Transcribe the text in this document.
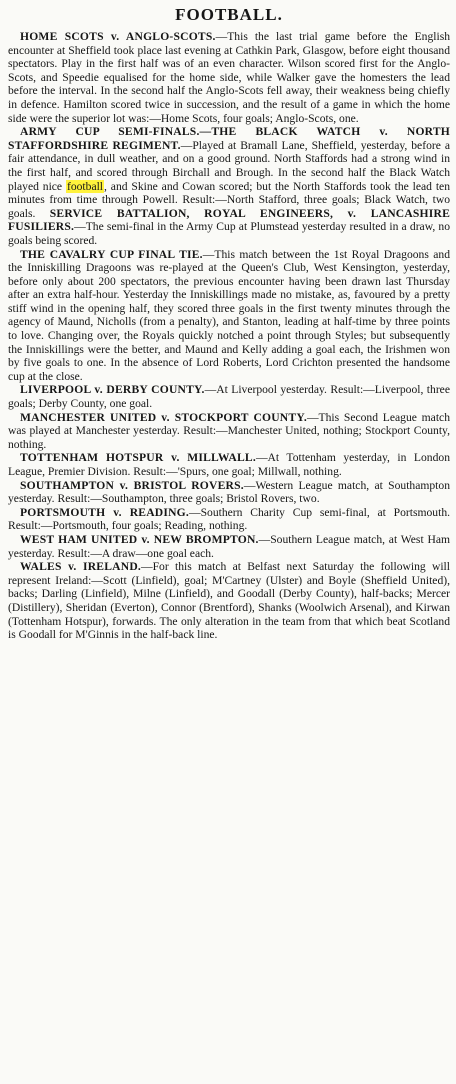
FOOTBALL.

HOME SCOTS v. ANGLO-SCOTS.—This the last trial game before the English encounter at Sheffield took place last evening at Cathkin Park, Glasgow, before eight thousand spectators. Play in the first half was of an even character. Wilson scored first for the Anglo-Scots, and Speedie equalised for the home side, while Walker gave the homesters the lead before the interval. In the second half the Anglo-Scots fell away, their weakness being chiefly in defence. Hamilton scored twice in succession, and the result of a game in which the home side were the superior lot was:—Home Scots, four goals; Anglo-Scots, one.

ARMY CUP SEMI-FINALS.—THE BLACK WATCH v. NORTH STAFFORDSHIRE REGIMENT.—Played at Bramall Lane, Sheffield, yesterday, before a fair attendance, in dull weather, and on a good ground. North Staffords had a strong wind in the first half, and scored through Birchall and Brough. In the second half the Black Watch played nice football, and Skine and Cowan scored; but the North Staffords took the lead ten minutes from time through Powell. Result:—North Stafford, three goals; Black Watch, two goals. SERVICE BATTALION, ROYAL ENGINEERS, v. LANCASHIRE FUSILIERS.—The semi-final in the Army Cup at Plumstead yesterday resulted in a draw, no goals being scored.

THE CAVALRY CUP FINAL TIE.—This match between the 1st Royal Dragoons and the Inniskilling Dragoons was re-played at the Queen's Club, West Kensington, yesterday, before only about 200 spectators, the previous encounter having been drawn last Thursday after an extra half-hour. Yesterday the Inniskillings made no mistake, as, favoured by a pretty stiff wind in the opening half, they scored three goals in the first twenty minutes through the agency of Maund, Nicholls (from a penalty), and Stanton, leading at half-time by three points to love. Changing over, the Royals quickly notched a point through Styles; but subsequently the Inniskillings were the better, and Maund and Kelly adding a goal each, the Irishmen won by five goals to one. In the absence of Lord Roberts, Lord Crichton presented the handsome cup at the close.

LIVERPOOL v. DERBY COUNTY.—At Liverpool yesterday. Result:—Liverpool, three goals; Derby County, one goal.

MANCHESTER UNITED v. STOCKPORT COUNTY.—This Second League match was played at Manchester yesterday. Result:—Manchester United, nothing; Stockport County, nothing.

TOTTENHAM HOTSPUR v. MILLWALL.—At Tottenham yesterday, in London League, Premier Division. Result:—'Spurs, one goal; Millwall, nothing.

SOUTHAMPTON v. BRISTOL ROVERS.—Western League match, at Southampton yesterday. Result:—Southampton, three goals; Bristol Rovers, two.

PORTSMOUTH v. READING.—Southern Charity Cup semi-final, at Portsmouth. Result:—Portsmouth, four goals; Reading, nothing.

WEST HAM UNITED v. NEW BROMPTON.—Southern League match, at West Ham yesterday. Result:—A draw—one goal each.

WALES v. IRELAND.—For this match at Belfast next Saturday the following will represent Ireland:—Scott (Linfield), goal; M'Cartney (Ulster) and Boyle (Sheffield United), backs; Darling (Linfield), Milne (Linfield), and Goodall (Derby County), half-backs; Mercer (Distillery), Sheridan (Everton), Connor (Brentford), Shanks (Woolwich Arsenal), and Kirwan (Tottenham Hotspur), forwards. The only alteration in the team from that which beat Scotland is Goodall for M'Ginnis in the half-back line.
